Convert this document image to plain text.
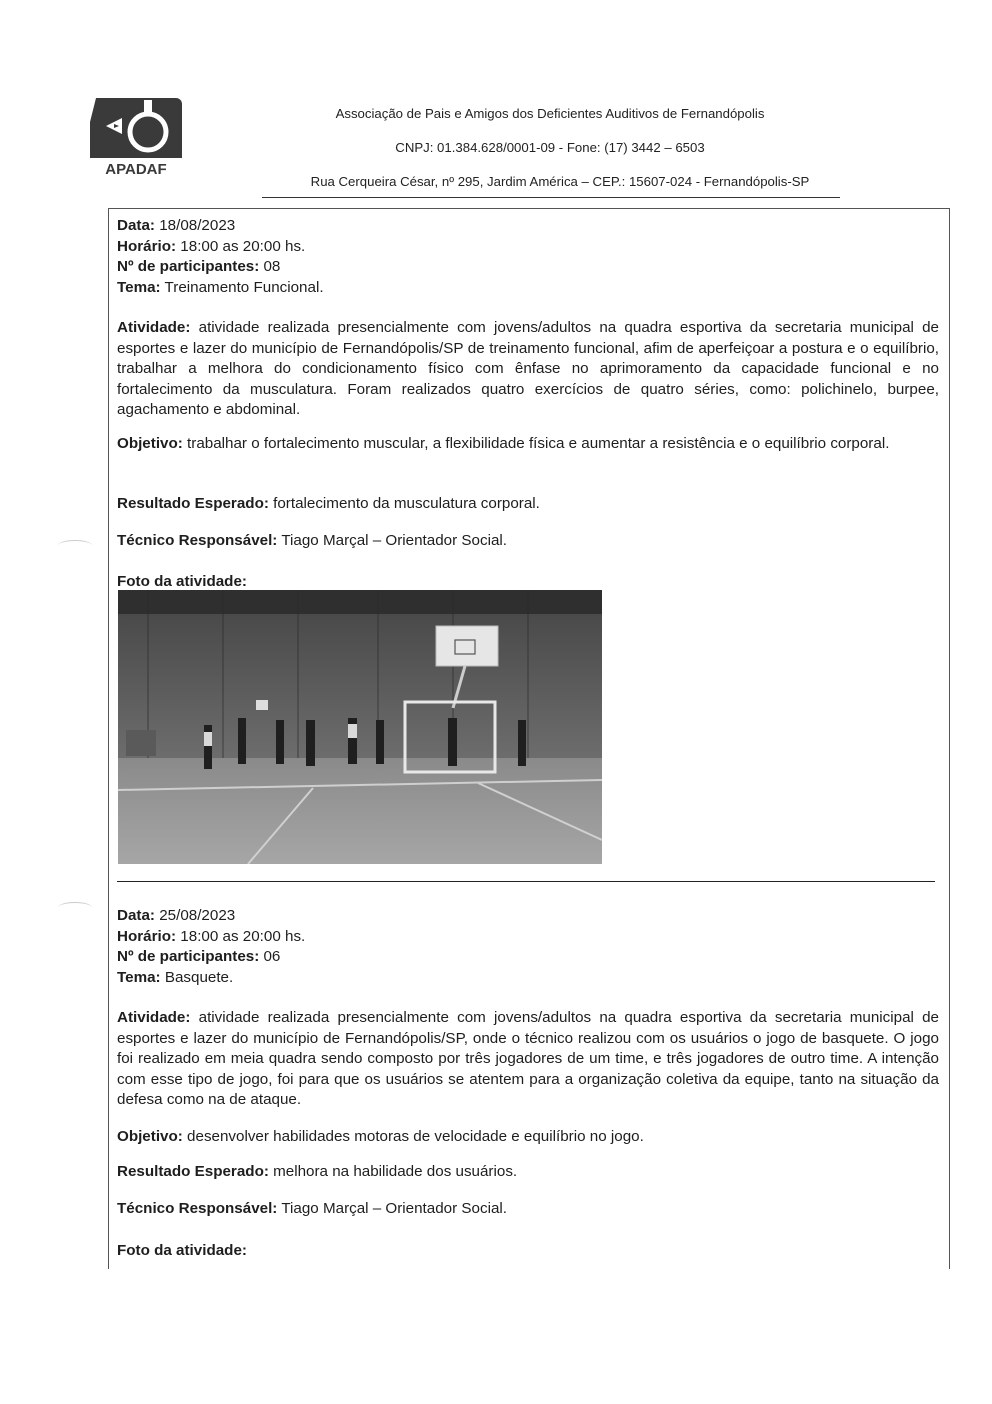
APADAF
Associação de Pais e Amigos dos Deficientes Auditivos de Fernandópolis
CNPJ: 01.384.628/0001-09 - Fone: (17) 3442 – 6503
Rua Cerqueira César, nº 295, Jardim América – CEP.: 15607-024 - Fernandópolis-SP
Data: 18/08/2023
Horário: 18:00 as 20:00 hs.
Nº de participantes: 08
Tema: Treinamento Funcional.
Atividade: atividade realizada presencialmente com jovens/adultos na quadra esportiva da secretaria municipal de esportes e lazer do município de Fernandópolis/SP de treinamento funcional, afim de aperfeiçoar a postura e o equilíbrio, trabalhar a melhora do condicionamento físico com ênfase no aprimoramento da capacidade funcional e no fortalecimento da musculatura. Foram realizados quatro exercícios de quatro séries, como: polichinelo, burpee, agachamento e abdominal.
Objetivo: trabalhar o fortalecimento muscular, a flexibilidade física e aumentar a resistência e o equilíbrio corporal.
Resultado Esperado: fortalecimento da musculatura corporal.
Técnico Responsável: Tiago Marçal – Orientador Social.
Foto da atividade:
Data: 25/08/2023
Horário: 18:00 as 20:00 hs.
Nº de participantes: 06
Tema: Basquete.
Atividade: atividade realizada presencialmente com jovens/adultos na quadra esportiva da secretaria municipal de esportes e lazer do município de Fernandópolis/SP, onde o técnico realizou com os usuários o jogo de basquete. O jogo foi realizado em meia quadra sendo composto por três jogadores de um time, e três jogadores de outro time. A intenção com esse tipo de jogo, foi para que os usuários se atentem para a organização coletiva da equipe, tanto na situação da defesa como na de ataque.
Objetivo: desenvolver habilidades motoras de velocidade e equilíbrio no jogo.
Resultado Esperado: melhora na habilidade dos usuários.
Técnico Responsável: Tiago Marçal – Orientador Social.
Foto da atividade:
